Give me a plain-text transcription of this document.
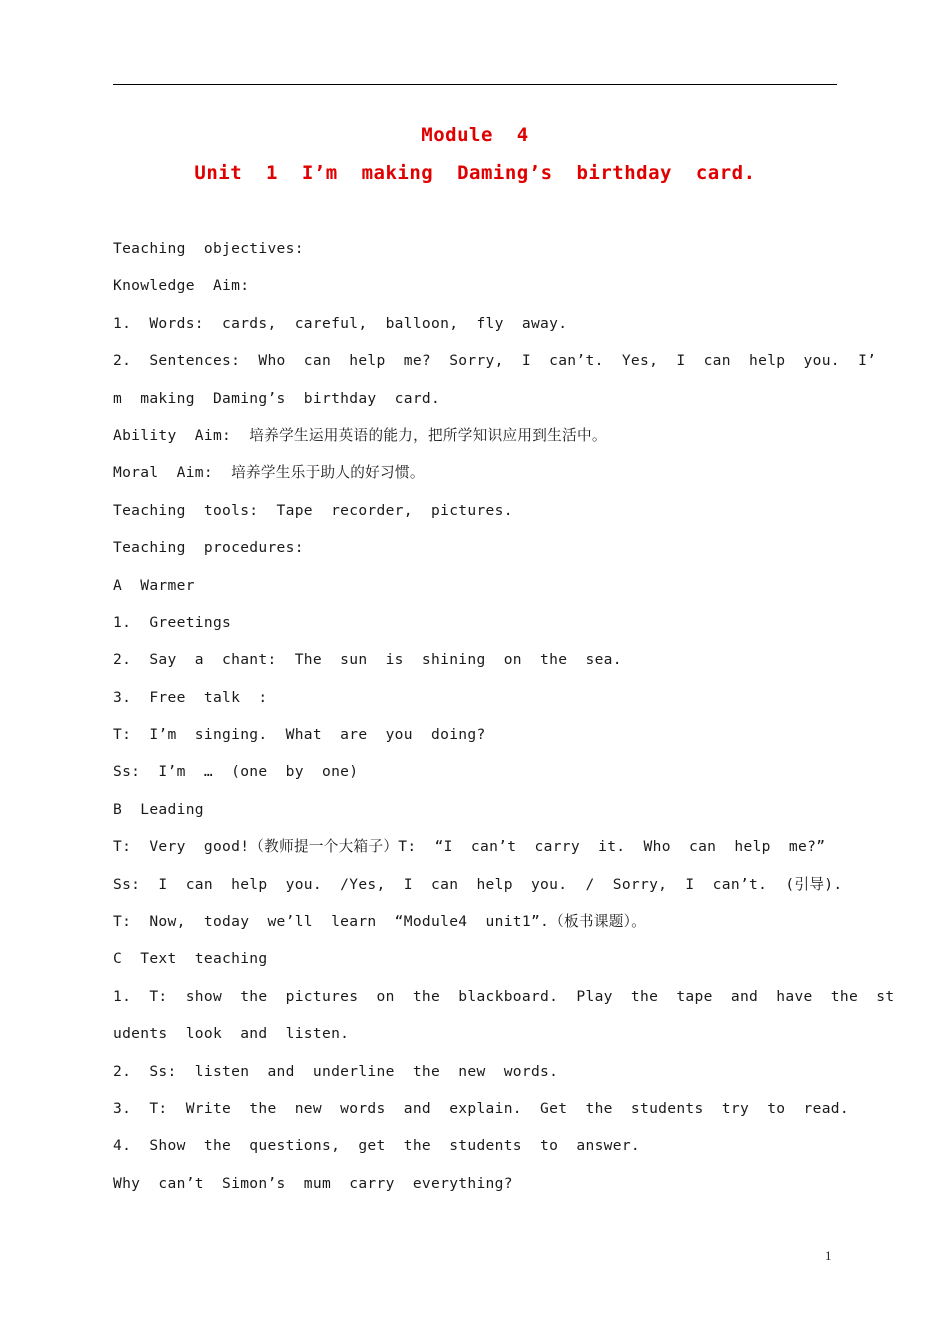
Module  4
Unit  1  I’m  making  Daming’s  birthday  card.
Teaching  objectives:
Knowledge  Aim:
1.  Words:  cards,  careful,  balloon,  fly  away.
2.  Sentences:  Who  can  help  me?  Sorry,  I  can’t.  Yes,  I  can  help  you.  I’
m  making  Daming’s  birthday  card.
Ability  Aim:  培养学生运用英语的能力，把所学知识应用到生活中。
Moral  Aim:  培养学生乐于助人的好习惯。
Teaching  tools:  Tape  recorder,  pictures.
Teaching  procedures:
A  Warmer
1.  Greetings
2.  Say  a  chant:  The  sun  is  shining  on  the  sea.
3.  Free  talk  :
T:  I’m  singing.  What  are  you  doing?
Ss:  I’m  …  (one  by  one)
B  Leading
T:  Very  good!（教师提一个大箱子）T:  “I  can’t  carry  it.  Who  can  help  me?”
Ss:  I  can  help  you.  /Yes,  I  can  help  you.  /  Sorry,  I  can’t.  (引导).
T:  Now,  today  we’ll  learn  “Module4  unit1”.（板书课题）。
C  Text  teaching
1.  T:  show  the  pictures  on  the  blackboard.  Play  the  tape  and  have  the  st
udents  look  and  listen.
2.  Ss:  listen  and  underline  the  new  words.
3.  T:  Write  the  new  words  and  explain.  Get  the  students  try  to  read.
4.  Show  the  questions,  get  the  students  to  answer.
Why  can’t  Simon’s  mum  carry  everything?
1
